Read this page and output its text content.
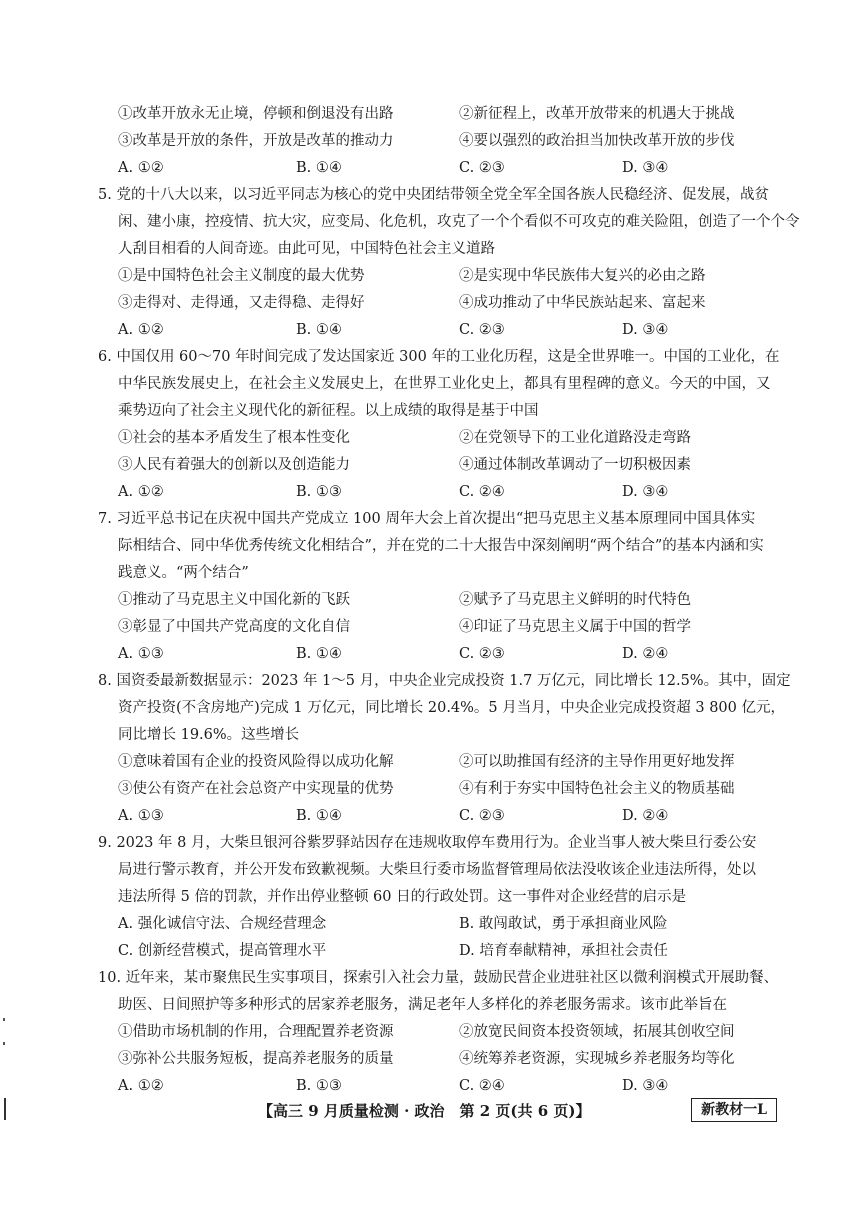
①改革开放永无止境，停顿和倒退没有出路	②新征程上，改革开放带来的机遇大于挑战
③改革是开放的条件，开放是改革的推动力	④要以强烈的政治担当加快改革开放的步伐
A. ①②	B. ①④	C. ②③	D. ③④
5. 党的十八大以来，以习近平同志为核心的党中央团结带领全党全军全国各族人民稳经济、促发展，战贫
闲、建小康，控疫情、抗大灾，应变局、化危机，攻克了一个个看似不可攻克的难关险阻，创造了一个个令
人刮目相看的人间奇迹。由此可见，中国特色社会主义道路
①是中国特色社会主义制度的最大优势	②是实现中华民族伟大复兴的必由之路
③走得对、走得通，又走得稳、走得好	④成功推动了中华民族站起来、富起来
A. ①②	B. ①④	C. ②③	D. ③④
6. 中国仅用 60～70 年时间完成了发达国家近 300 年的工业化历程，这是全世界唯一。中国的工业化，在
中华民族发展史上，在社会主义发展史上，在世界工业化史上，都具有里程碑的意义。今天的中国，又
乘势迈向了社会主义现代化的新征程。以上成绩的取得是基于中国
①社会的基本矛盾发生了根本性变化	②在党领导下的工业化道路没走弯路
③人民有着强大的创新以及创造能力	④通过体制改革调动了一切积极因素
A. ①②	B. ①③	C. ②④	D. ③④
7. 习近平总书记在庆祝中国共产党成立 100 周年大会上首次提出“把马克思主义基本原理同中国具体实
际相结合、同中华优秀传统文化相结合”，并在党的二十大报告中深刻阐明“两个结合”的基本内涵和实
践意义。“两个结合”
①推动了马克思主义中国化新的飞跃	②赋予了马克思主义鲜明的时代特色
③彰显了中国共产党高度的文化自信	④印证了马克思主义属于中国的哲学
A. ①③	B. ①④	C. ②③	D. ②④
8. 国资委最新数据显示：2023 年 1～5 月，中央企业完成投资 1.7 万亿元，同比增长 12.5%。其中，固定
资产投资(不含房地产)完成 1 万亿元，同比增长 20.4%。5 月当月，中央企业完成投资超 3 800 亿元，
同比增长 19.6%。这些增长
①意味着国有企业的投资风险得以成功化解	②可以助推国有经济的主导作用更好地发挥
③使公有资产在社会总资产中实现量的优势	④有利于夯实中国特色社会主义的物质基础
A. ①③	B. ①④	C. ②③	D. ②④
9. 2023 年 8 月，大柴旦银河谷紫罗驿站因存在违规收取停车费用行为。企业当事人被大柴旦行委公安
局进行警示教育，并公开发布致歉视频。大柴旦行委市场监督管理局依法没收该企业违法所得，处以
违法所得 5 倍的罚款，并作出停业整顿 60 日的行政处罚。这一事件对企业经营的启示是
A. 强化诚信守法、合规经营理念	B. 敢闯敢试，勇于承担商业风险
C. 创新经营模式，提高管理水平	D. 培育奉献精神，承担社会责任
10. 近年来，某市聚焦民生实事项目，探索引入社会力量，鼓励民营企业进驻社区以微利润模式开展助餐、
助医、日间照护等多种形式的居家养老服务，满足老年人多样化的养老服务需求。该市此举旨在
①借助市场机制的作用，合理配置养老资源	②放宽民间资本投资领域，拓展其创收空间
③弥补公共服务短板，提高养老服务的质量	④统筹养老资源，实现城乡养老服务均等化
A. ①②	B. ①③	C. ②④	D. ③④
【高三 9 月质量检测 · 政治　第 2 页(共 6 页)】	新教材一L
